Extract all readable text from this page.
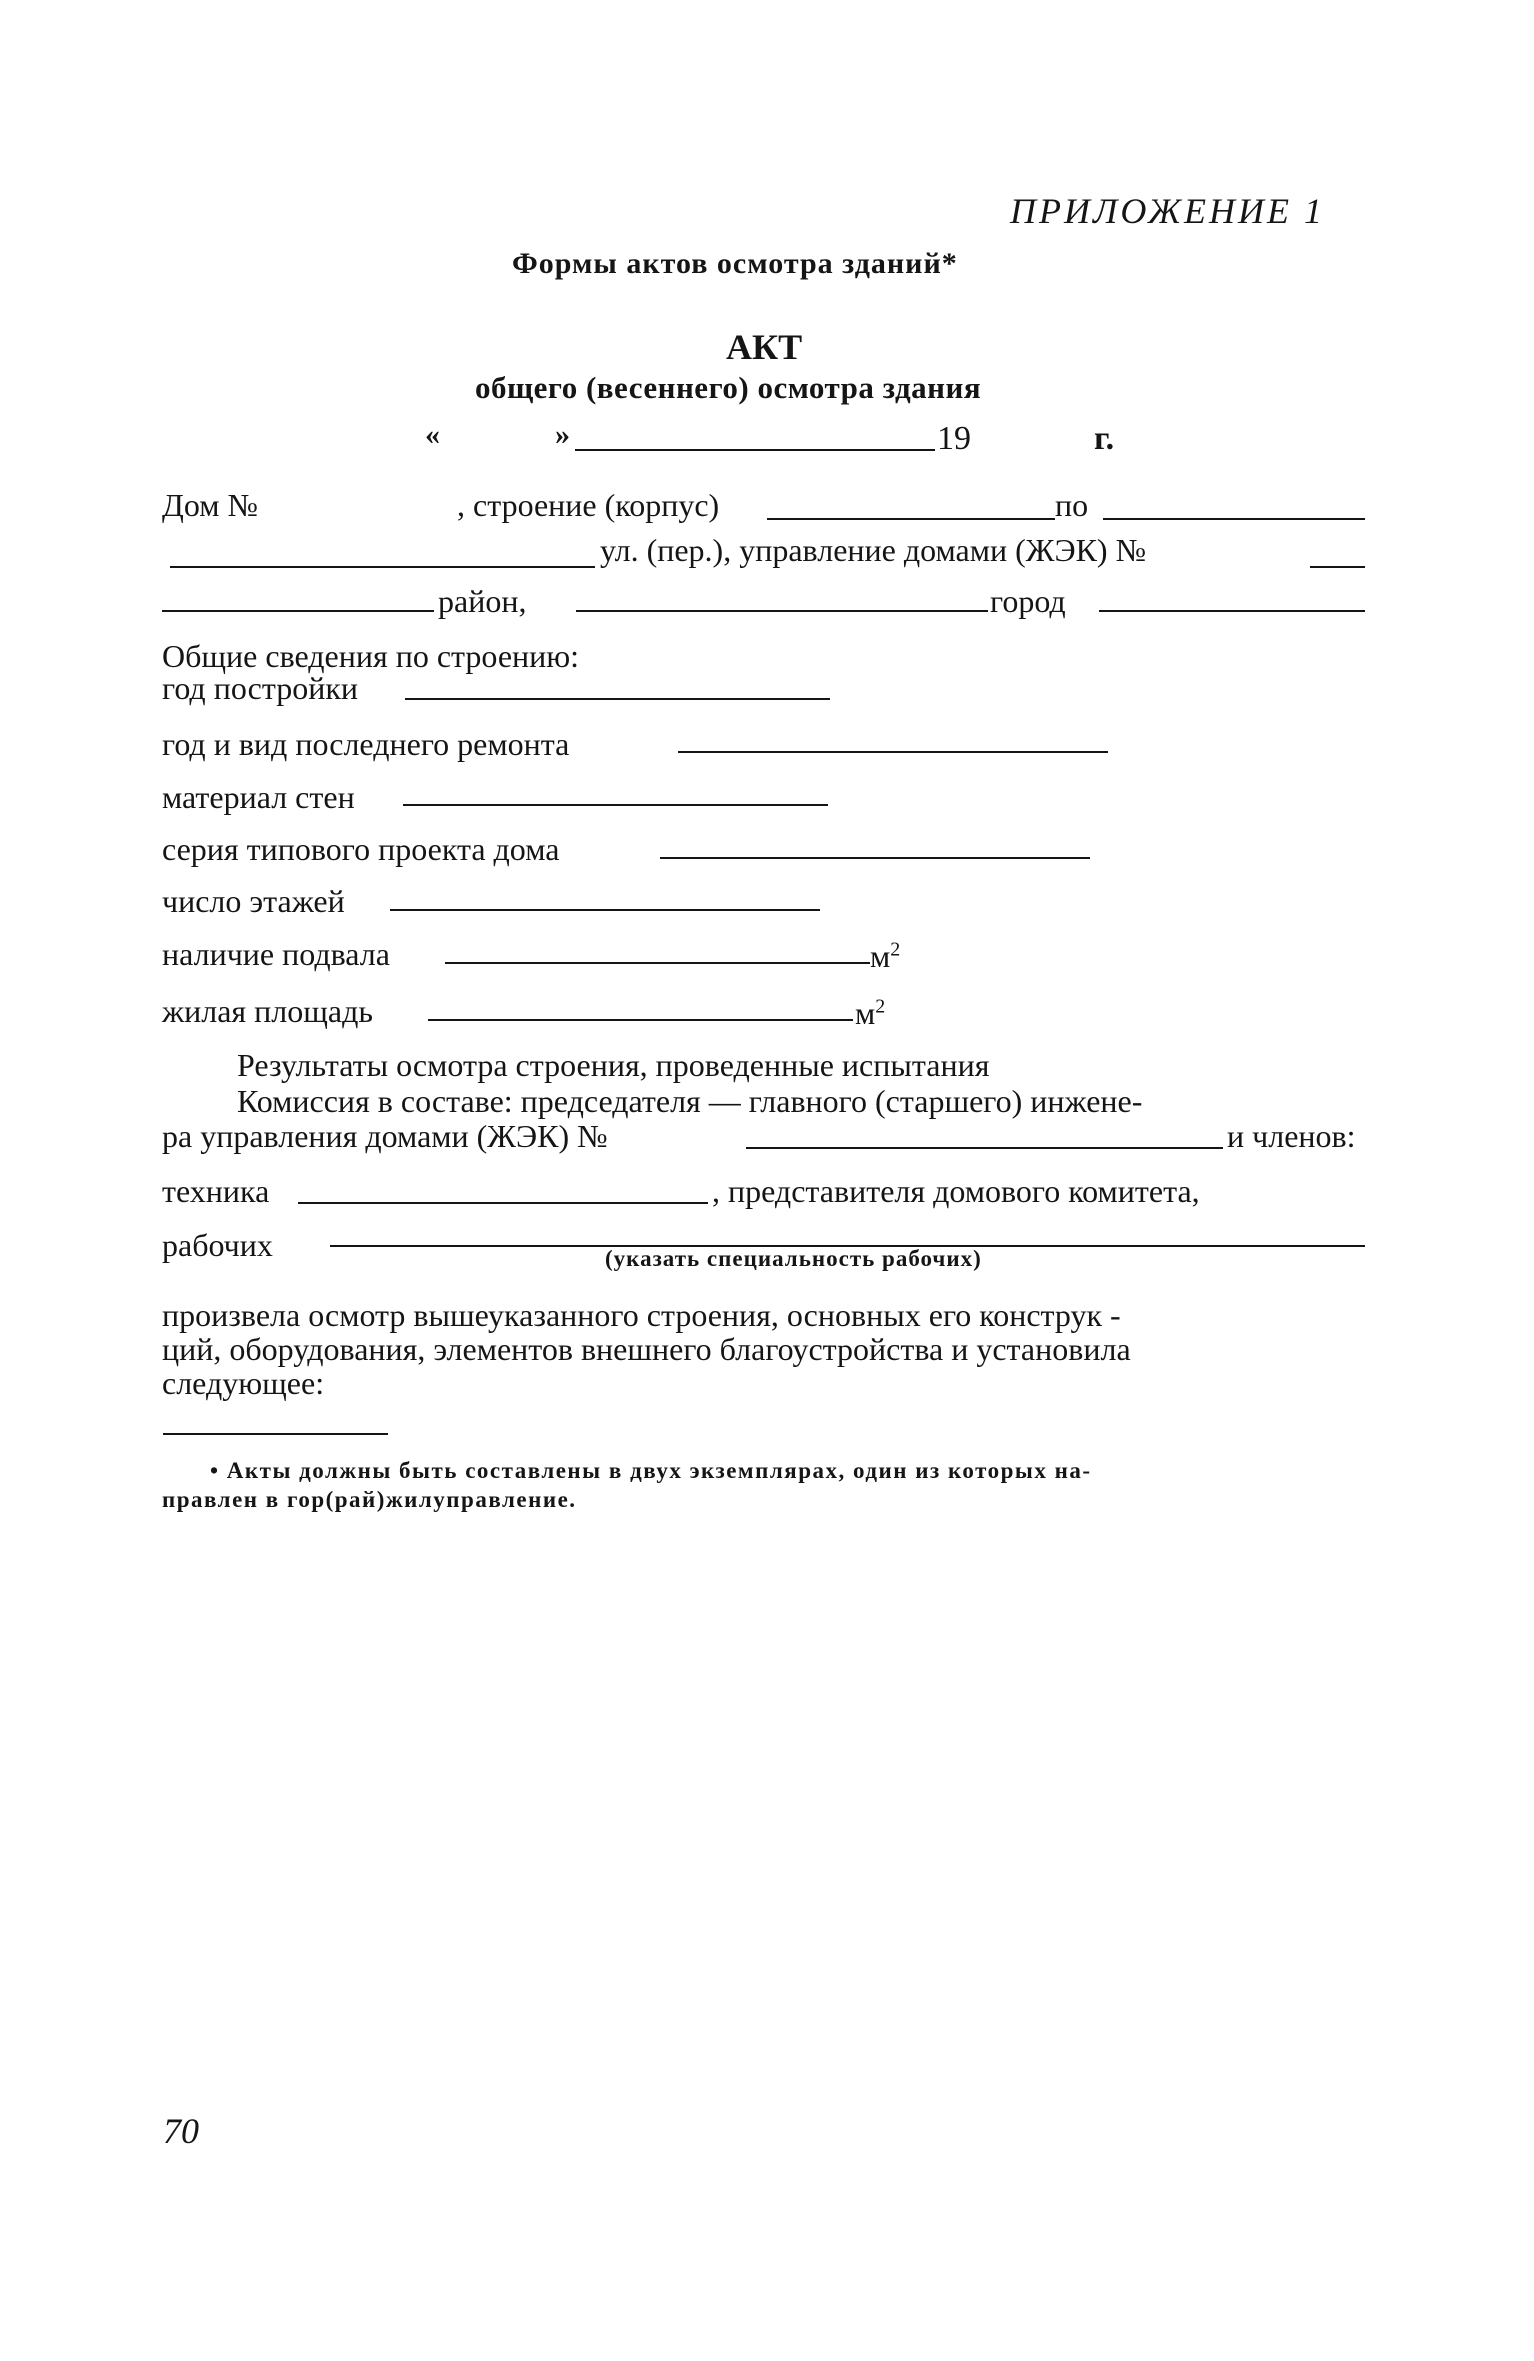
ПРИЛОЖЕНИЕ 1
Формы актов осмотра зданий*
АКТ
общего (весеннего) осмотра здания
«	»	19	г.
Дом №	, строение (корпус)	по
ул. (пер.), управление домами (ЖЭК) №
район,	город
Общие сведения по строению:
год постройки
год и вид последнего ремонта
материал стен
серия типового проекта дома
число этажей
наличие подвала	$м^2$
жилая площадь	$м^2$
Результаты осмотра строения, проведенные испытания
Комиссия в составе: председателя — главного (старшего) инжене-
ра управления домами (ЖЭК) №	и членов:
техника	, представителя домового комитета,
рабочих	(указать специальность рабочих)
произвела осмотр вышеуказанного строения, основных его конструк -
ций, оборудования, элементов внешнего благоустройства и установила
следующее:
• Акты должны быть составлены в двух экземплярах, один из которых на-
правлен в гор(рай)жилуправление.
70
